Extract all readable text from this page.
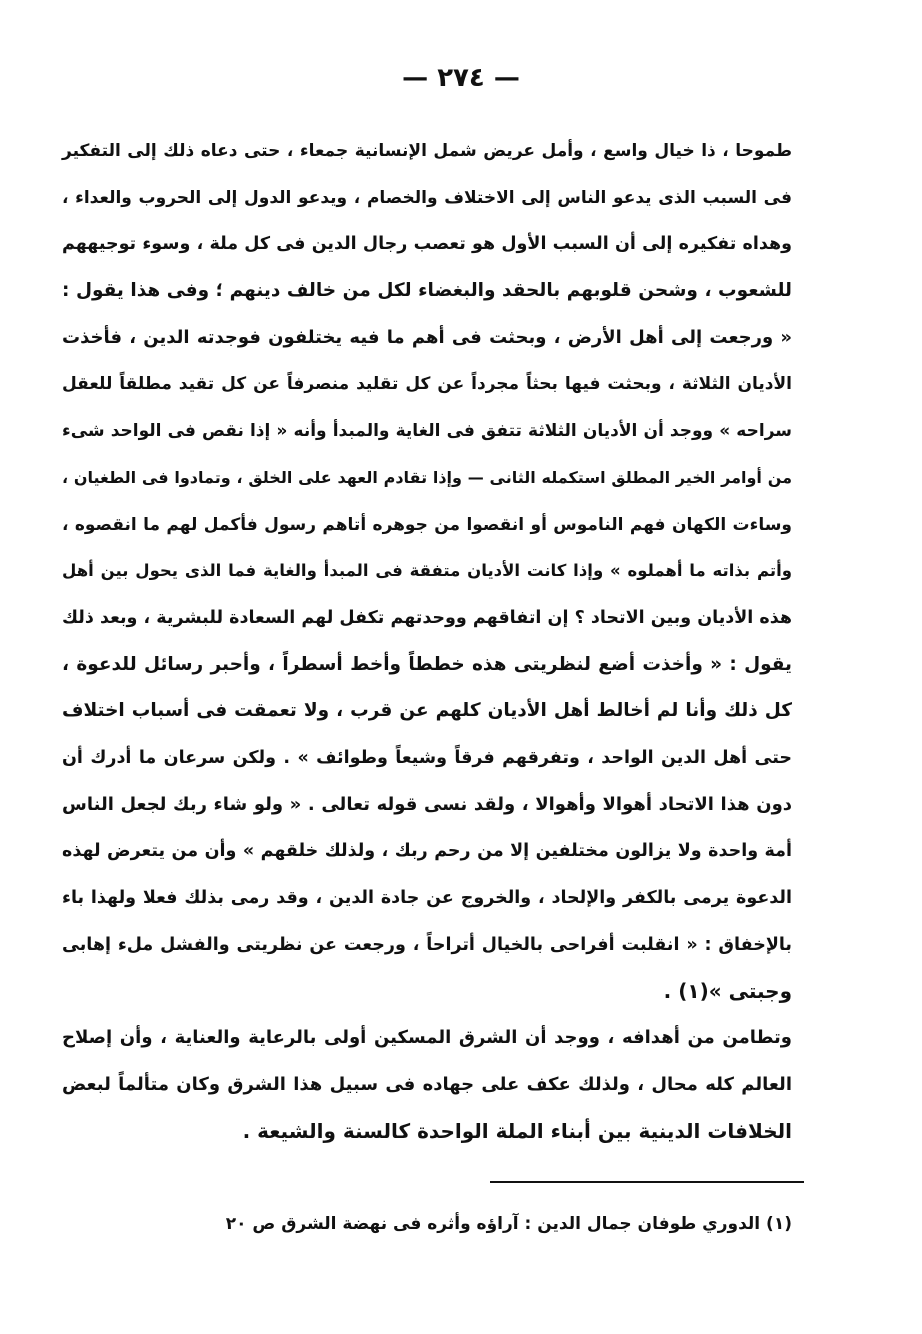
— ٢٧٤ —
طموحا ، ذا خيال واسع ، وأمل عريض شمل الإنسانية جمعاء ، حتى دعاه ذلك إلى التفكير
فى السبب الذى يدعو الناس إلى الاختلاف والخصام ، ويدعو الدول إلى الحروب والعداء ،
وهداه تفكيره إلى أن السبب الأول هو تعصب رجال الدين فى كل ملة ، وسوء توجيههم
للشعوب ، وشحن قلوبهم بالحقد والبغضاء لكل من خالف دينهم ؛ وفى هذا يقول :
« ورجعت إلى أهل الأرض ، وبحثت فى أهم ما فيه يختلفون فوجدته الدين ، فأخذت
الأديان الثلاثة ، وبحثت فيها بحثاً مجرداً عن كل تقليد منصرفاً عن كل تقيد مطلقاً للعقل
سراحه » ووجد أن الأديان الثلاثة تتفق فى الغاية والمبدأ وأنه « إذا نقص فى الواحد شىء
من أوامر الخير المطلق استكمله الثانى — وإذا تقادم العهد على الخلق ، وتمادوا فى الطغيان ،
وساءت الكهان فهم الناموس أو انقصوا من جوهره أتاهم رسول فأكمل لهم ما انقصوه ،
وأتم بذاته ما أهملوه » وإذا كانت الأديان متفقة فى المبدأ والغاية فما الذى يحول بين أهل
هذه الأديان وبين الاتحاد ؟ إن اتفاقهم ووحدتهم تكفل لهم السعادة للبشرية ، وبعد ذلك
يقول : « وأخذت أضع لنظريتى هذه خططاً وأخط أسطراً ، وأحبر رسائل للدعوة ،
كل ذلك وأنا لم أخالط أهل الأديان كلهم عن قرب ، ولا تعمقت فى أسباب اختلاف
حتى أهل الدين الواحد ، وتفرقهم فرقاً وشيعاً وطوائف » . ولكن سرعان ما أدرك أن
دون هذا الاتحاد أهوالا وأهوالا ، ولقد نسى قوله تعالى . « ولو شاء ربك لجعل الناس
أمة واحدة ولا يزالون مختلفين إلا من رحم ربك ، ولذلك خلقهم » وأن من يتعرض لهذه
الدعوة يرمى بالكفر والإلحاد ، والخروج عن جادة الدين ، وقد رمى بذلك فعلا ولهذا باء
بالإخفاق : « انقلبت أفراحى بالخيال أتراحاً ، ورجعت عن نظريتى والفشل ملء إهابى
وجبتى »(١) .
وتطامن من أهدافه ، ووجد أن الشرق المسكين أولى بالرعاية والعناية ، وأن إصلاح
العالم كله محال ، ولذلك عكف على جهاده فى سبيل هذا الشرق وكان متألماً لبعض
الخلافات الدينية بين أبناء الملة الواحدة كالسنة والشيعة .
(١) الدوري طوفان جمال الدين : آراؤه وأثره فى نهضة الشرق ص ٢٠
